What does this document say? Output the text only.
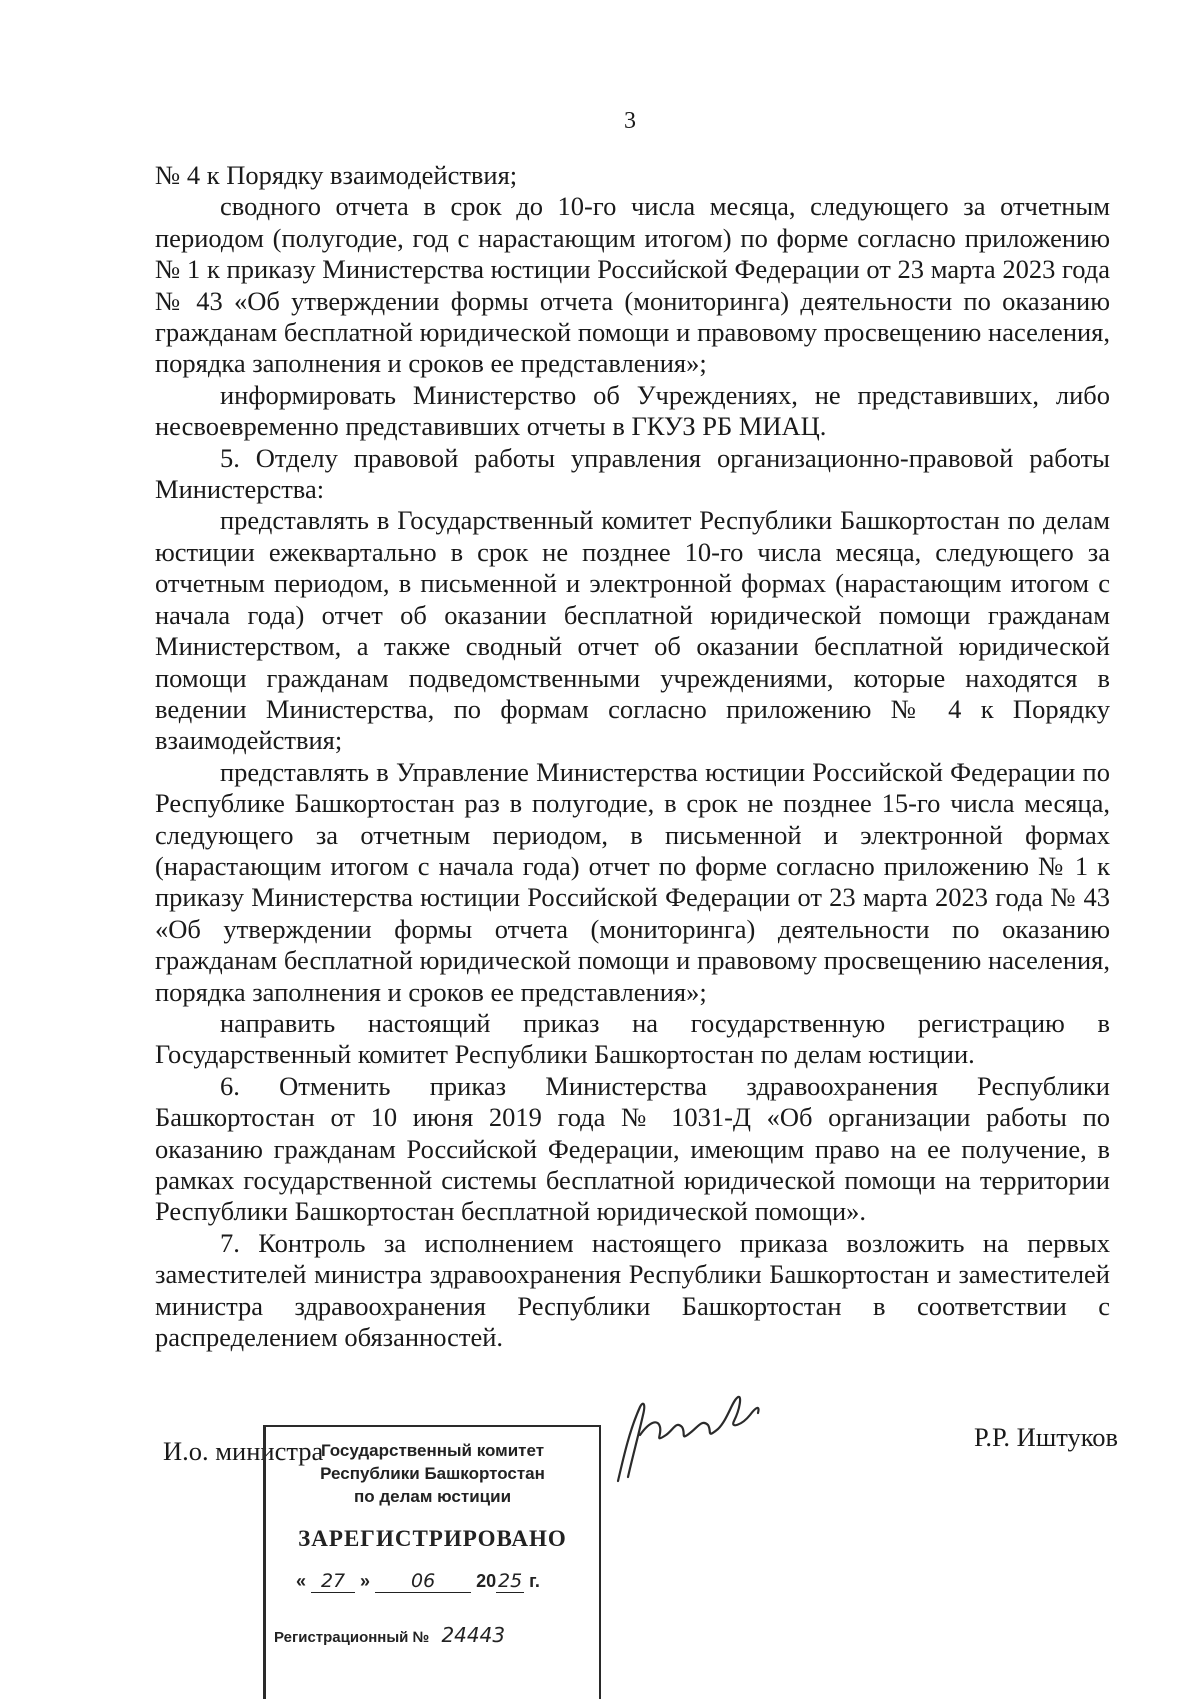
3

№ 4 к Порядку взаимодействия;

сводного отчета в срок до 10-го числа месяца, следующего за отчетным периодом (полугодие, год с нарастающим итогом) по форме согласно приложению № 1 к приказу Министерства юстиции Российской Федерации от 23 марта 2023 года № 43 «Об утверждении формы отчета (мониторинга) деятельности по оказанию гражданам бесплатной юридической помощи и правовому просвещению населения, порядка заполнения и сроков ее представления»;

информировать Министерство об Учреждениях, не представивших, либо несвоевременно представивших отчеты в ГКУЗ РБ МИАЦ.

5. Отделу правовой работы управления организационно-правовой работы Министерства:

представлять в Государственный комитет Республики Башкортостан по делам юстиции ежеквартально в срок не позднее 10-го числа месяца, следующего за отчетным периодом, в письменной и электронной формах (нарастающим итогом с начала года) отчет об оказании бесплатной юридической помощи гражданам Министерством, а также сводный отчет об оказании бесплатной юридической помощи гражданам подведомственными учреждениями, которые находятся в ведении Министерства, по формам согласно приложению № 4 к Порядку взаимодействия;

представлять в Управление Министерства юстиции Российской Федерации по Республике Башкортостан раз в полугодие, в срок не позднее 15-го числа месяца, следующего за отчетным периодом, в письменной и электронной формах (нарастающим итогом с начала года) отчет по форме согласно приложению № 1 к приказу Министерства юстиции Российской Федерации от 23 марта 2023 года № 43 «Об утверждении формы отчета (мониторинга) деятельности по оказанию гражданам бесплатной юридической помощи и правовому просвещению населения, порядка заполнения и сроков ее представления»;

направить настоящий приказ на государственную регистрацию в Государственный комитет Республики Башкортостан по делам юстиции.

6. Отменить приказ Министерства здравоохранения Республики Башкортостан от 10 июня 2019 года № 1031-Д «Об организации работы по оказанию гражданам Российской Федерации, имеющим право на ее получение, в рамках государственной системы бесплатной юридической помощи на территории Республики Башкортостан бесплатной юридической помощи».

7. Контроль за исполнением настоящего приказа возложить на первых заместителей министра здравоохранения Республики Башкортостан и заместителей министра здравоохранения Республики Башкортостан в соответствии с распределением обязанностей.

И.о. министра	Р.Р. Иштуков
Государственный комитет
Республики Башкортостан
по делам юстиции
ЗАРЕГИСТРИРОВАНО
« 27 » 06 20 25 г.
Регистрационный № 24443
